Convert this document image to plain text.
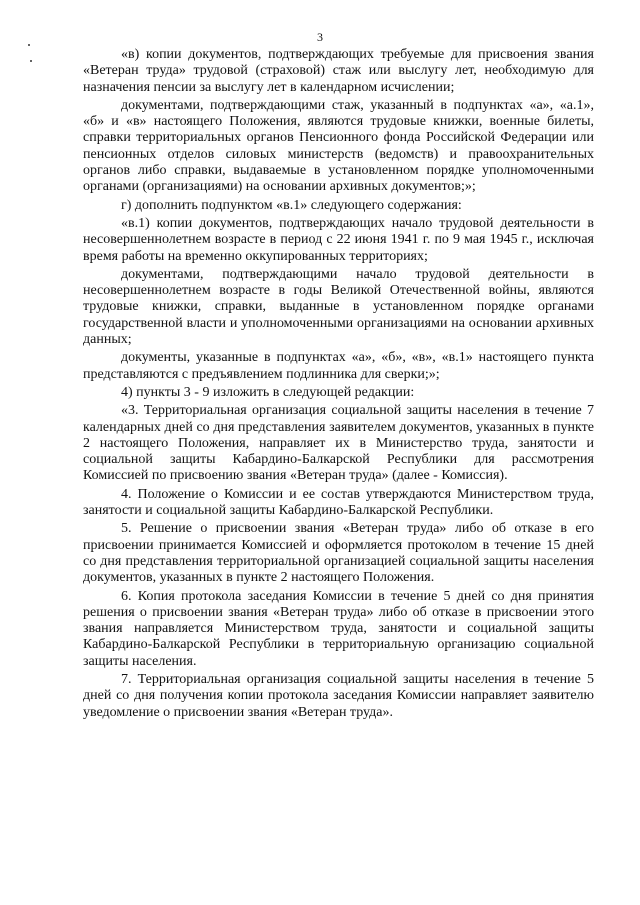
3

«в) копии документов, подтверждающих требуемые для присвоения звания «Ветеран труда» трудовой (страховой) стаж или выслугу лет, необходимую для назначения пенсии за выслугу лет в календарном исчислении;

документами, подтверждающими стаж, указанный в подпунктах «а», «а.1», «б» и «в» настоящего Положения, являются трудовые книжки, военные билеты, справки территориальных органов Пенсионного фонда Российской Федерации или пенсионных отделов силовых министерств (ведомств) и правоохранительных органов либо справки, выдаваемые в установленном порядке уполномоченными органами (организациями) на основании архивных документов;»;

г) дополнить подпунктом «в.1» следующего содержания:

«в.1) копии документов, подтверждающих начало трудовой деятельности в несовершеннолетнем возрасте в период с 22 июня 1941 г. по 9 мая 1945 г., исключая время работы на временно оккупированных территориях;

документами, подтверждающими начало трудовой деятельности в несовершеннолетнем возрасте в годы Великой Отечественной войны, являются трудовые книжки, справки, выданные в установленном порядке органами государственной власти и уполномоченными организациями на основании архивных данных;

документы, указанные в подпунктах «а», «б», «в», «в.1» настоящего пункта представляются с предъявлением подлинника для сверки;»;

4) пункты 3 - 9 изложить в следующей редакции:

«3. Территориальная организация социальной защиты населения в течение 7 календарных дней со дня представления заявителем документов, указанных в пункте 2 настоящего Положения, направляет их в Министерство труда, занятости и социальной защиты Кабардино-Балкарской Республики для рассмотрения Комиссией по присвоению звания «Ветеран труда» (далее - Комиссия).

4. Положение о Комиссии и ее состав утверждаются Министерством труда, занятости и социальной защиты Кабардино-Балкарской Республики.

5. Решение о присвоении звания «Ветеран труда» либо об отказе в его присвоении принимается Комиссией и оформляется протоколом в течение 15 дней со дня представления территориальной организацией социальной защиты населения документов, указанных в пункте 2 настоящего Положения.

6. Копия протокола заседания Комиссии в течение 5 дней со дня принятия решения о присвоении звания «Ветеран труда» либо об отказе в присвоении этого звания направляется Министерством труда, занятости и социальной защиты Кабардино-Балкарской Республики в территориальную организацию социальной защиты населения.

7. Территориальная организация социальной защиты населения в течение 5 дней со дня получения копии протокола заседания Комиссии направляет заявителю уведомление о присвоении звания «Ветеран труда».
